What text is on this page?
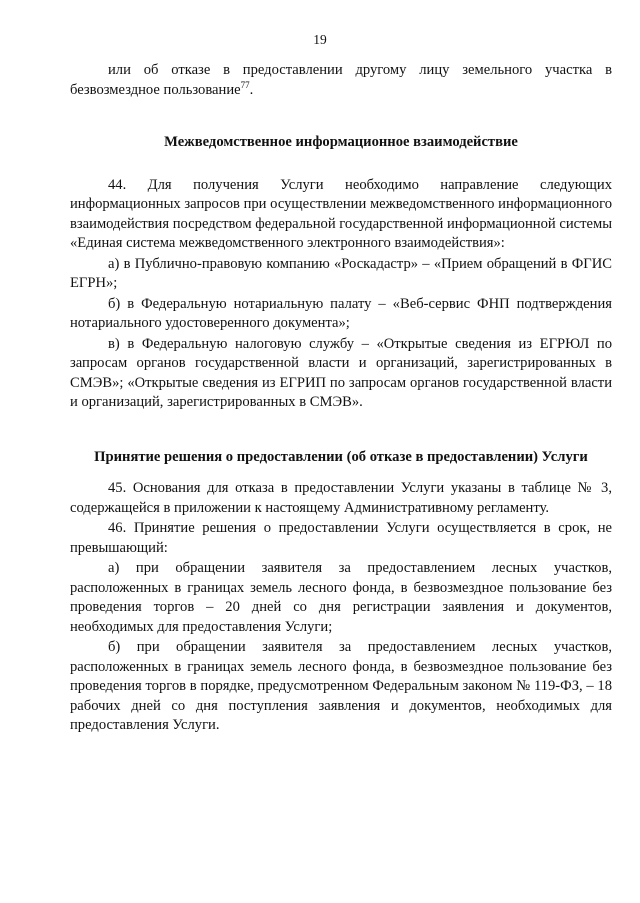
19

или об отказе в предоставлении другому лицу земельного участка в безвозмездное пользование$^{77}$.

Межведомственное информационное взаимодействие

44. Для получения Услуги необходимо направление следующих информационных запросов при осуществлении межведомственного информационного взаимодействия посредством федеральной государственной информационной системы «Единая система межведомственного электронного взаимодействия»:

а) в Публично-правовую компанию «Роскадастр» – «Прием обращений в ФГИС ЕГРН»;

б) в Федеральную нотариальную палату – «Веб-сервис ФНП подтверждения нотариального удостоверенного документа»;

в) в Федеральную налоговую службу – «Открытые сведения из ЕГРЮЛ по запросам органов государственной власти и организаций, зарегистрированных в СМЭВ»; «Открытые сведения из ЕГРИП по запросам органов государственной власти и организаций, зарегистрированных в СМЭВ».

Принятие решения о предоставлении (об отказе в предоставлении) Услуги

45. Основания для отказа в предоставлении Услуги указаны в таблице № 3, содержащейся в приложении к настоящему Административному регламенту.

46. Принятие решения о предоставлении Услуги осуществляется в срок, не превышающий:

а) при обращении заявителя за предоставлением лесных участков, расположенных в границах земель лесного фонда, в безвозмездное пользование без проведения торгов – 20 дней со дня регистрации заявления и документов, необходимых для предоставления Услуги;

б) при обращении заявителя за предоставлением лесных участков, расположенных в границах земель лесного фонда, в безвозмездное пользование без проведения торгов в порядке, предусмотренном Федеральным законом № 119-ФЗ, – 18 рабочих дней со дня поступления заявления и документов, необходимых для предоставления Услуги.
